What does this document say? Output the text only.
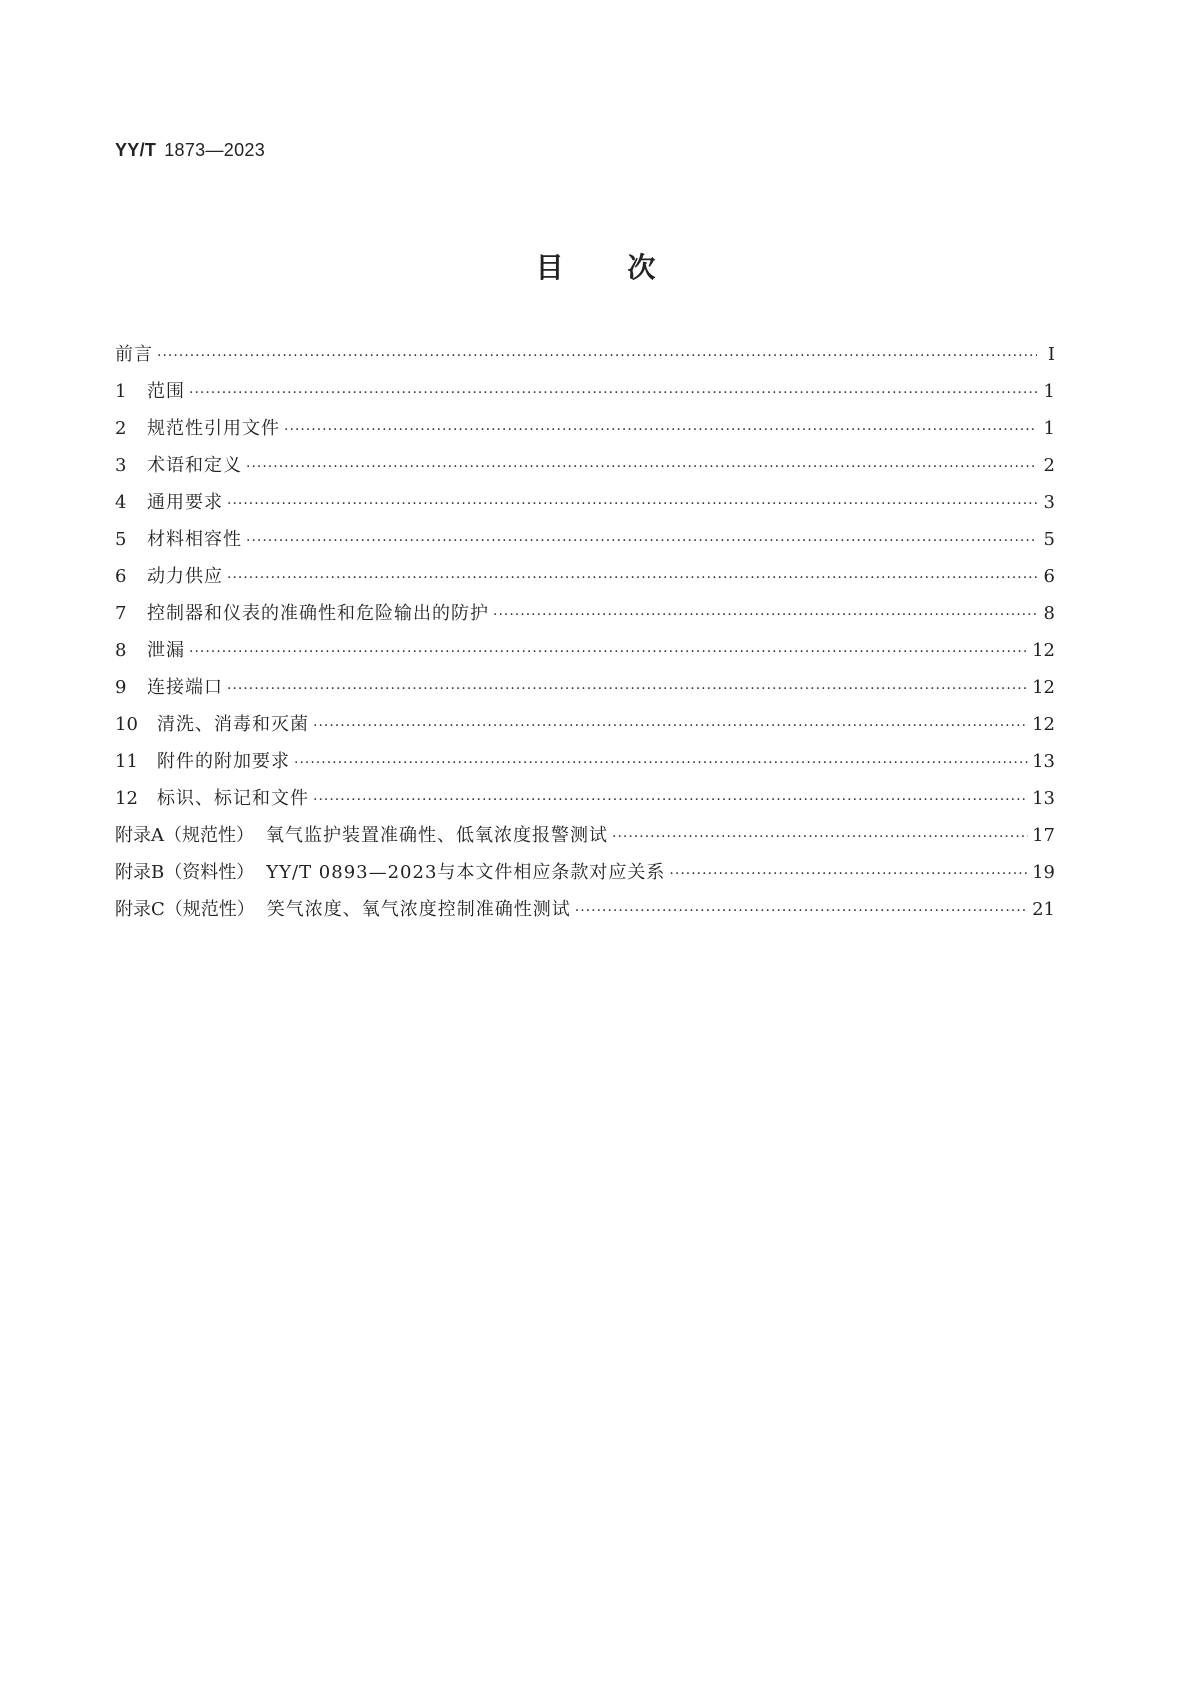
YY/T 1873—2023
目 次
前言 ·····	I
1	范围 ·····	1
2	规范性引用文件 ·····	1
3	术语和定义 ·····	2
4	通用要求 ·····	3
5	材料相容性 ·····	5
6	动力供应 ·····	6
7	控制器和仪表的准确性和危险输出的防护 ·····	8
8	泄漏 ·····	12
9	连接端口 ·····	12
10	清洗、消毒和灭菌 ·····	12
11	附件的附加要求 ·····	13
12	标识、标记和文件 ·····	13
附录A（规范性） 氧气监护装置准确性、低氧浓度报警测试 ·····	17
附录B（资料性） YY/T 0893—2023与本文件相应条款对应关系 ·····	19
附录C（规范性） 笑气浓度、氧气浓度控制准确性测试 ·····	21
